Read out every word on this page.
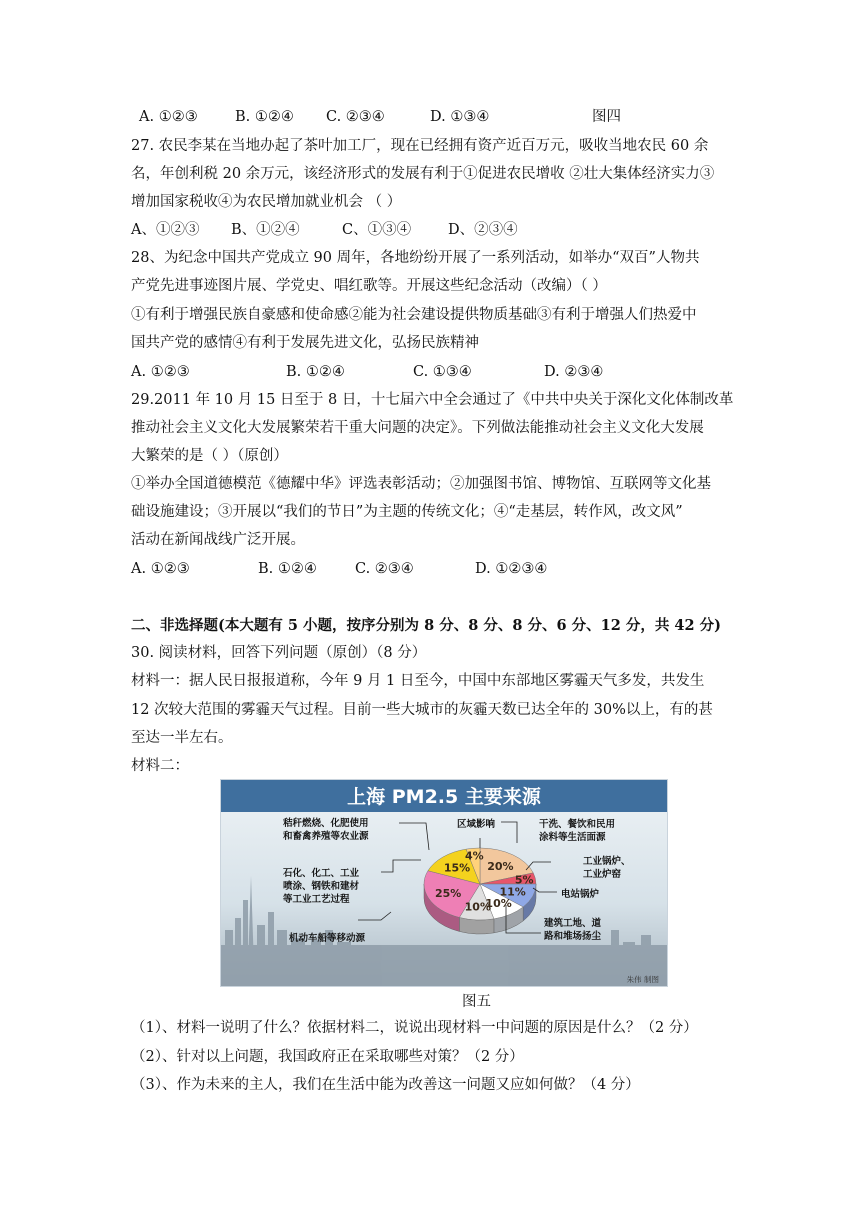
A. ①②③	B. ①②④ C. ②③④	D. ①③④	图四
27. 农民李某在当地办起了茶叶加工厂，现在已经拥有资产近百万元，吸收当地农民 60 余
名，年创利税 20 余万元，该经济形式的发展有利于①促进农民增收 ②壮大集体经济实力③
增加国家税收④为农民增加就业机会 （ ）
A、①②③ B、①②④	C、①③④	D、②③④
28、为纪念中国共产党成立 90 周年，各地纷纷开展了一系列活动，如举办“双百”人物共
产党先进事迹图片展、学党史、唱红歌等。开展这些纪念活动（改编）（ ）
①有利于增强民族自豪感和使命感②能为社会建设提供物质基础③有利于增强人们热爱中
国共产党的感情④有利于发展先进文化，弘扬民族精神
A. ①②③	B. ①②④	C. ①③④	D. ②③④
29.2011 年 10 月 15 日至于 8 日，十七届六中全会通过了《中共中央关于深化文化体制改革
推动社会主义文化大发展繁荣若干重大问题的决定》。下列做法能推动社会主义文化大发展
大繁荣的是（ ）（原创）
①举办全国道德模范《德耀中华》评选表彰活动；②加强图书馆、博物馆、互联网等文化基
础设施建设；③开展以“我们的节日”为主题的传统文化；④“走基层，转作风，改文风”
活动在新闻战线广泛开展。
A. ①②③	B. ①②④	C. ②③④	D. ①②③④
二、非选择题(本大题有 5 小题，按序分别为 8 分、8 分、8 分、6 分、12 分，共 42 分)
30. 阅读材料，回答下列问题（原创）（8 分）
材料一：据人民日报报道称，今年 9 月 1 日至今，中国中东部地区雾霾天气多发，共发生
12 次较大范围的雾霾天气过程。目前一些大城市的灰霾天数已达全年的 30%以上，有的甚
至达一半左右。
材料二：
上海 PM2.5 主要来源
20%
5%
11%
10%
10%
25%
15%
4%
秸秆燃烧、化肥使用
和畜禽养殖等农业源
石化、化工、工业
喷涂、钢铁和建材
等工业工艺过程
机动车船等移动源
区域影响	干洗、餐饮和民用
涂料等生活面源
工业锅炉、
工业炉窑
电站锅炉
建筑工地、道
路和堆场扬尘
朱伟 制图
图五
（1）、材料一说明了什么？依据材料二，说说出现材料一中问题的原因是什么？（2 分）
（2）、针对以上问题，我国政府正在采取哪些对策？（2 分）
（3）、作为未来的主人，我们在生活中能为改善这一问题又应如何做？（4 分）
